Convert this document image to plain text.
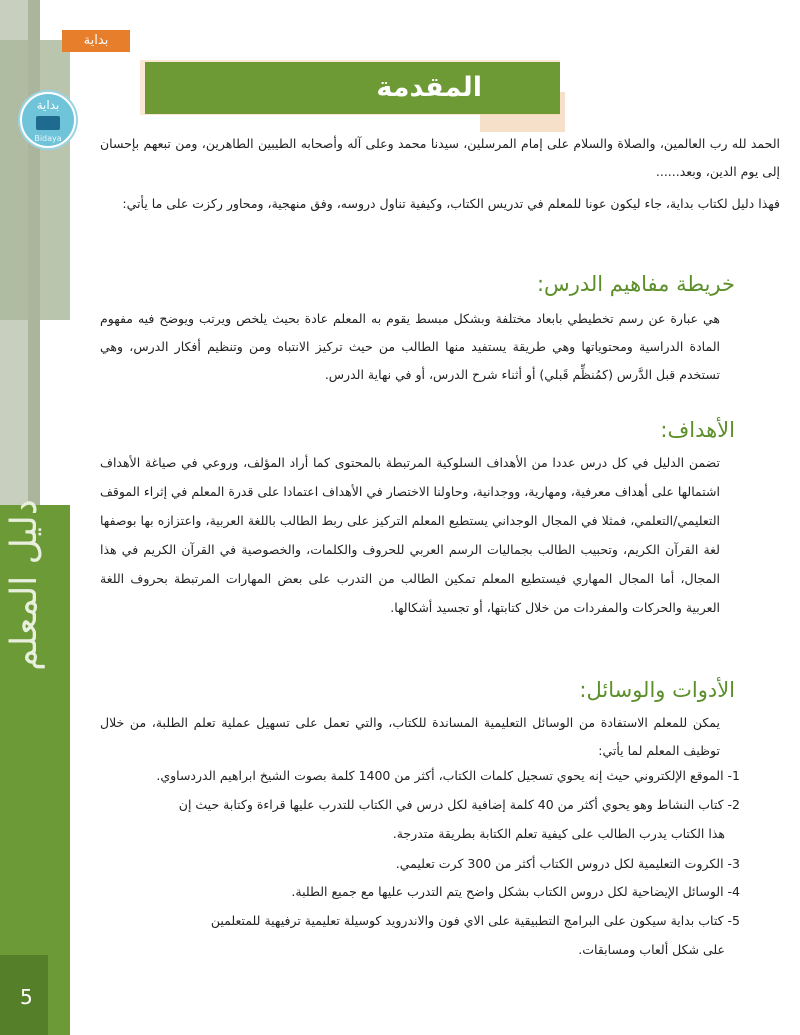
دليل المعلم
5
بداية
بداية
Bidaya
المقدمة
الحمد لله رب العالمين، والصلاة والسلام على إمام المرسلين، سيدنا محمد وعلى آله وأصحابه الطيبين الطاهرين، ومن تبعهم بإحسان إلى يوم الدين، وبعد......
فهذا دليل لكتاب بداية، جاء ليكون عونا للمعلم في تدريس الكتاب، وكيفية تناول دروسه، وفق منهجية، ومحاور ركزت على ما يأتي:
خريطة مفاهيم الدرس:
هي عبارة عن رسم تخطيطي بابعاد مختلفة وبشكل مبسط يقوم به المعلم عادة بحيث يلخص ويرتب ويوضح فيه مفهوم المادة الدراسية ومحتوياتها وهي طريقة يستفيد منها الطالب من حيث تركيز الانتباه ومن وتنظيم أفكار الدرس، وهي تستخدم قبل الدَّرس (كمُنظِّم قَبلي) أو أثناء شرح الدرس، أو في نهاية الدرس.
الأهداف:
تضمن الدليل في كل درس عددا من الأهداف السلوكية المرتبطة بالمحتوى كما أراد المؤلف، وروعي في صياغة الأهداف اشتمالها على أهداف معرفية، ومهارية، ووجدانية، وحاولنا الاختصار في الأهداف اعتمادا على قدرة المعلم في إثراء الموقف التعليمي/التعلمي، فمثلا في المجال الوجداني يستطيع المعلم التركيز على ربط الطالب باللغة العربية، واعتزازه بها بوصفها لغة القرآن الكريم، وتحبيب الطالب بجماليات الرسم العربي للحروف والكلمات، والخصوصية في القرآن الكريم في هذا المجال، أما المجال المهاري فيستطيع المعلم تمكين الطالب من التدرب على بعض المهارات المرتبطة بحروف اللغة العربية والحركات والمفردات من خلال كتابتها، أو تجسيد أشكالها.
الأدوات والوسائل:
يمكن للمعلم الاستفادة من الوسائل التعليمية المساندة للكتاب، والتي تعمل على تسهيل عملية تعلم الطلبة، من خلال توظيف المعلم لما يأتي:
1- الموقع الإلكتروني حيث إنه يحوي تسجيل كلمات الكتاب، أكثر من 1400 كلمة بصوت الشيخ ابراهيم الدردساوي.
2- كتاب النشاط وهو يحوي أكثر من 40 كلمة إضافية لكل درس في الكتاب للتدرب عليها قراءة وكتابة حيث إن
هذا الكتاب يدرب الطالب على كيفية تعلم الكتابة بطريقة متدرجة.
3- الكروت التعليمية لكل دروس الكتاب أكثر من 300 كرت تعليمي.
4- الوسائل الإيضاحية لكل دروس الكتاب بشكل واضح يتم التدرب عليها مع جميع الطلبة.
5- كتاب بداية سيكون على البرامج التطبيقية على الاي فون والاندرويد كوسيلة تعليمية ترفيهية للمتعلمين
على شكل ألعاب ومسابقات.
